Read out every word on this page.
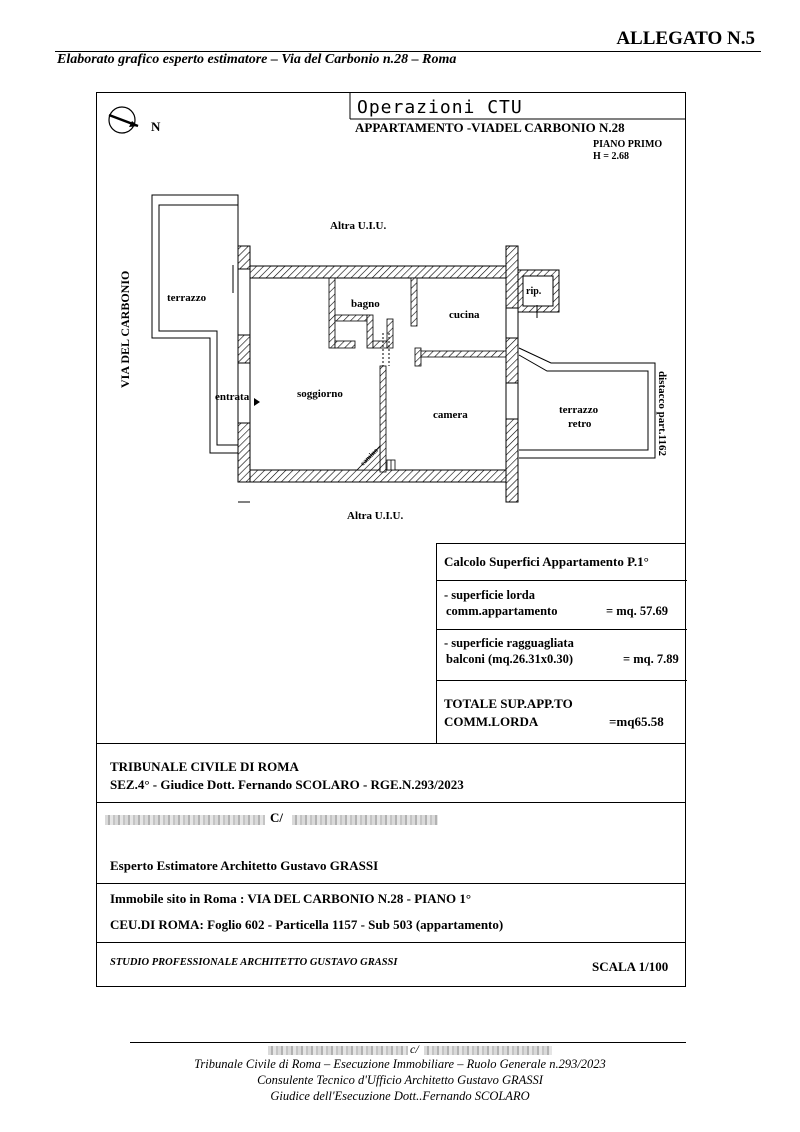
ALLEGATO N.5
Elaborato grafico esperto estimatore – Via del Carbonio n.28 – Roma
N
Operazioni CTU
APPARTAMENTO -VIADEL CARBONIO N.28
PIANO PRIMO
H = 2.68
Altra U.I.U.
Altra U.I.U.
terrazzo	bagno
cucina
rip.
entrata	soggiorno
camera	terrazzo
retro
camino
VIA DEL CARBONIO
distacco part.1162
Calcolo Superfici Appartamento P.1°
- superficie lorda
comm.appartamento	= mq. 57.69
- superficie ragguagliata
balconi (mq.26.31x0.30)	= mq. 7.89
TOTALE SUP.APP.TO
COMM.LORDA	=mq65.58
TRIBUNALE CIVILE DI ROMA
SEZ.4° - Giudice Dott. Fernando SCOLARO - RGE.N.293/2023
C/
Esperto Estimatore Architetto Gustavo GRASSI
Immobile sito in Roma : VIA DEL CARBONIO N.28 - PIANO 1°
CEU.DI ROMA: Foglio 602 - Particella 1157 - Sub 503 (appartamento)
STUDIO PROFESSIONALE ARCHITETTO GUSTAVO GRASSI	SCALA 1/100
c/
Tribunale Civile di Roma – Esecuzione Immobiliare – Ruolo Generale n.293/2023
Consulente Tecnico d'Ufficio Architetto Gustavo GRASSI
Giudice dell'Esecuzione Dott..Fernando SCOLARO
